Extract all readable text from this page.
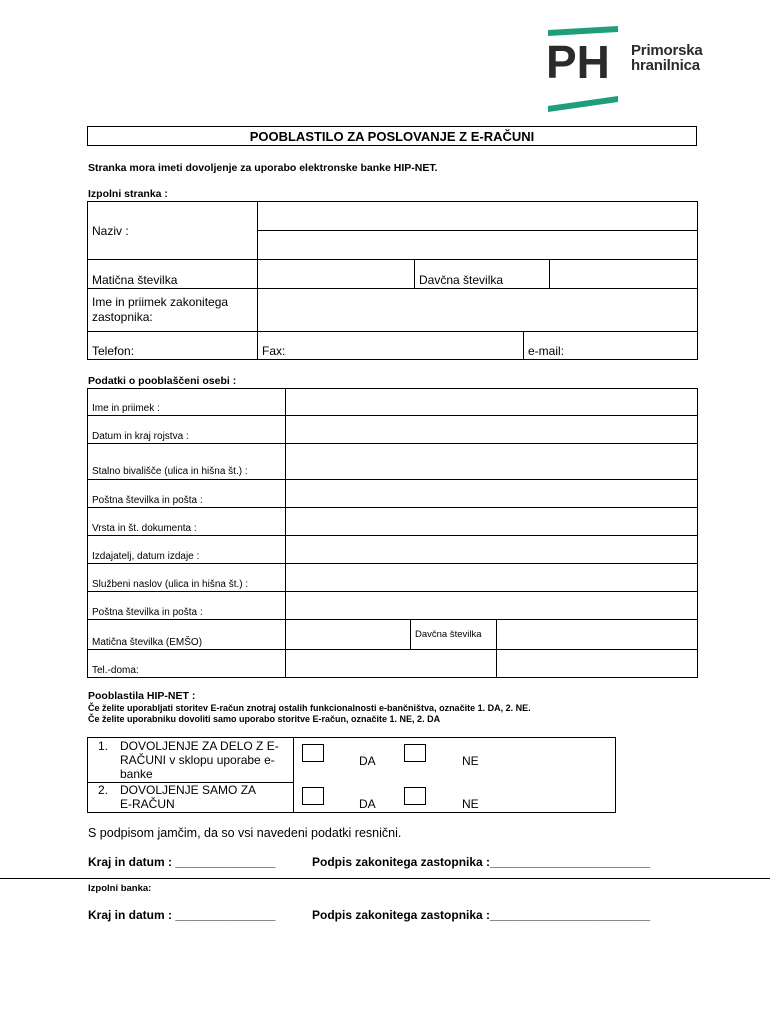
PH Primorska
hranilnica
POOBLASTILO ZA POSLOVANJE Z E-RAČUNI
Stranka mora imeti dovoljenje za uporabo elektronske banke HIP-NET.
Izpolni stranka :
Naziv :				

Matična številka		Davčna številka		
Ime in priimek zakonitega zastopnika:				
Telefon:	Fax:		e-mail:	
Podatki o pooblaščeni osebi :
Ime in priimek :			
Datum in kraj rojstva :			
Stalno bivališče (ulica in hišna št.) :			
Poštna številka in pošta :			
Vrsta in št. dokumenta :			
Izdajatelj, datum izdaje :			
Službeni naslov (ulica in hišna št.) :			
Poštna številka in pošta :			
Matična številka (EMŠO)		Davčna številka	
Tel.-doma:			
Pooblastila HIP-NET :
Če želite uporabljati storitev E-račun znotraj ostalih funkcionalnosti e-bančništva, označite 1. DA, 2. NE.
Če želite uporabniku dovoliti samo uporabo storitve E-račun, označite 1. NE, 2. DA
1. DOVOLJENJE ZA DELO Z E-RAČUNI v sklopu uporabe e-banke	DA NE

2. DOVOLJENJE SAMO ZA E-RAČUN	DA NE
S podpisom jamčim, da so vsi navedeni podatki resnični.
Kraj in datum : _______________	Podpis zakonitega zastopnika :________________________
Izpolni banka:
Kraj in datum : _______________	Podpis zakonitega zastopnika :________________________
